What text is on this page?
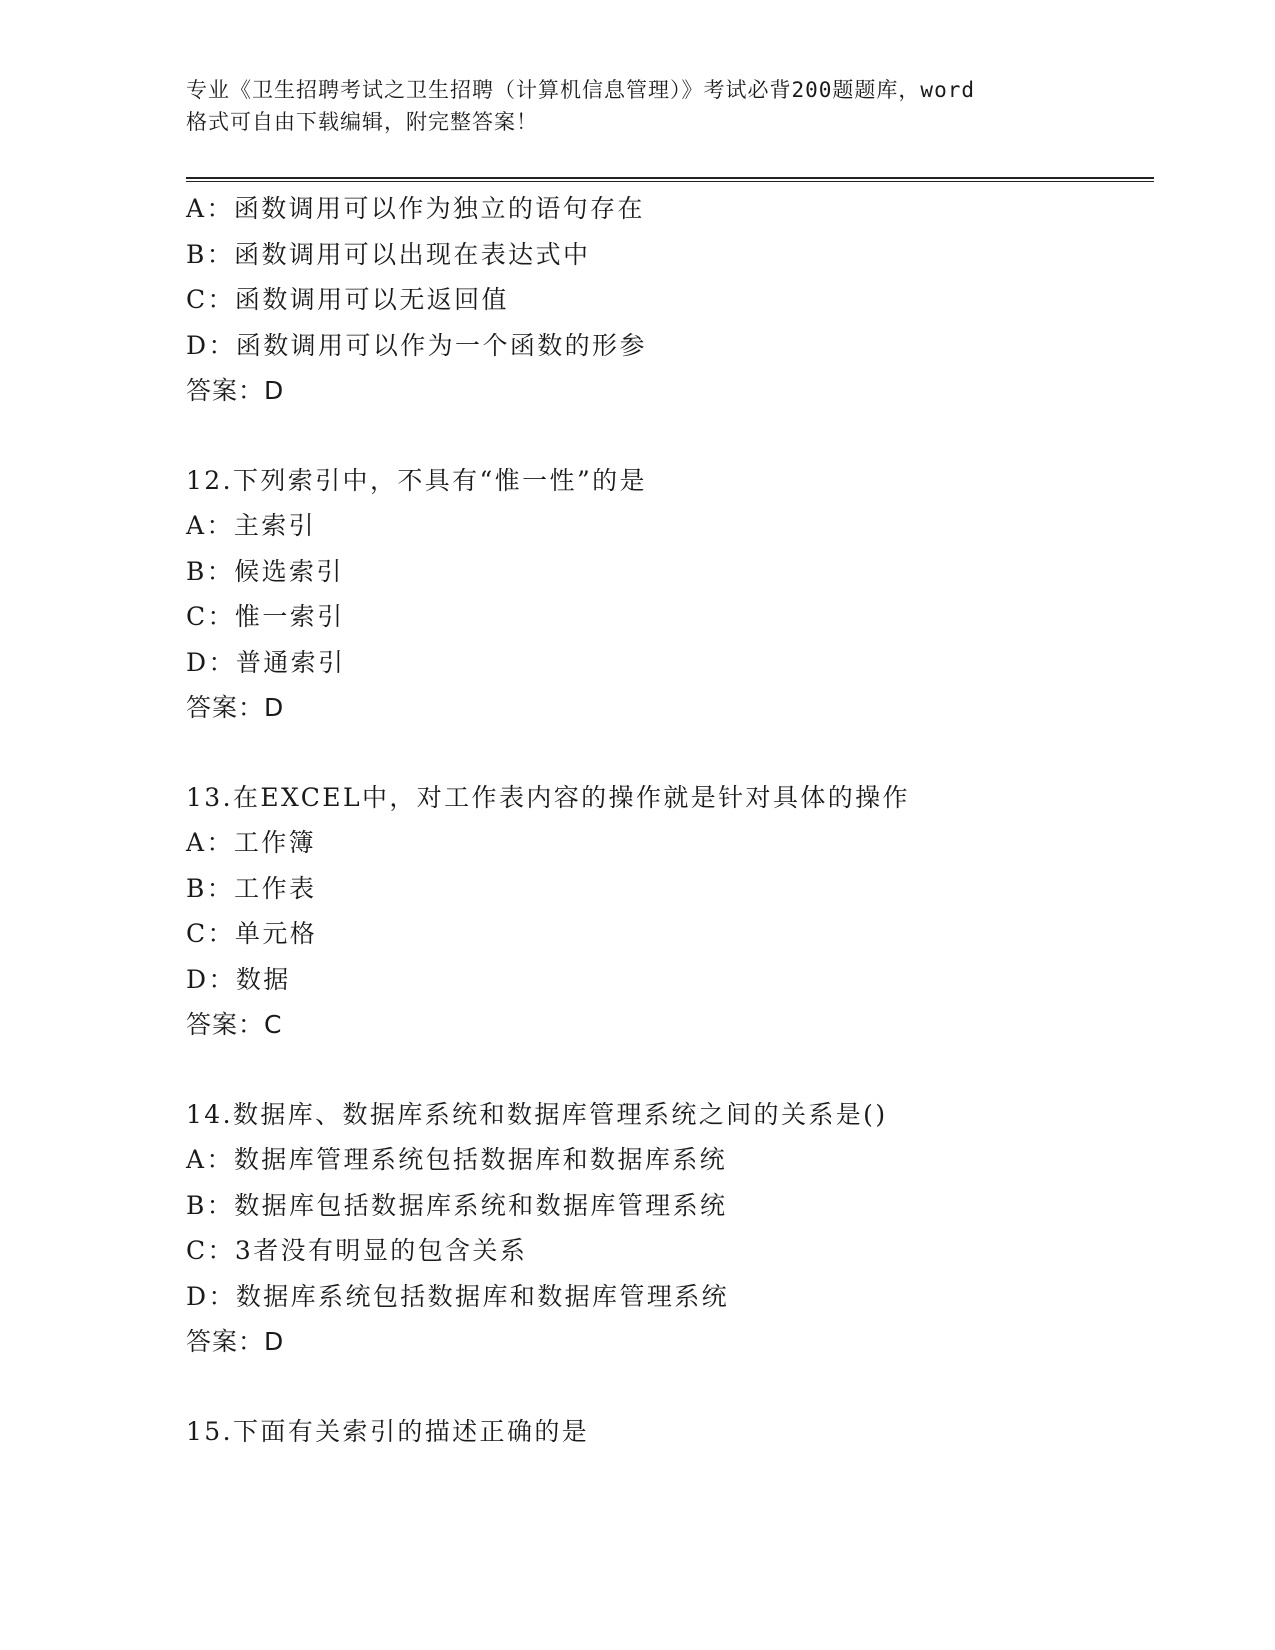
专业《卫生招聘考试之卫生招聘（计算机信息管理）》考试必背200题题库，word
格式可自由下载编辑，附完整答案！
A：函数调用可以作为独立的语句存在
B：函数调用可以出现在表达式中
C：函数调用可以无返回值
D：函数调用可以作为一个函数的形参
答案：D
12.下列索引中，不具有“惟一性”的是
A：主索引
B：候选索引
C：惟一索引
D：普通索引
答案：D
13.在EXCEL中，对工作表内容的操作就是针对具体的操作
A：工作簿
B：工作表
C：单元格
D：数据
答案：C
14.数据库、数据库系统和数据库管理系统之间的关系是()
A：数据库管理系统包括数据库和数据库系统
B：数据库包括数据库系统和数据库管理系统
C：3者没有明显的包含关系
D：数据库系统包括数据库和数据库管理系统
答案：D
15.下面有关索引的描述正确的是
